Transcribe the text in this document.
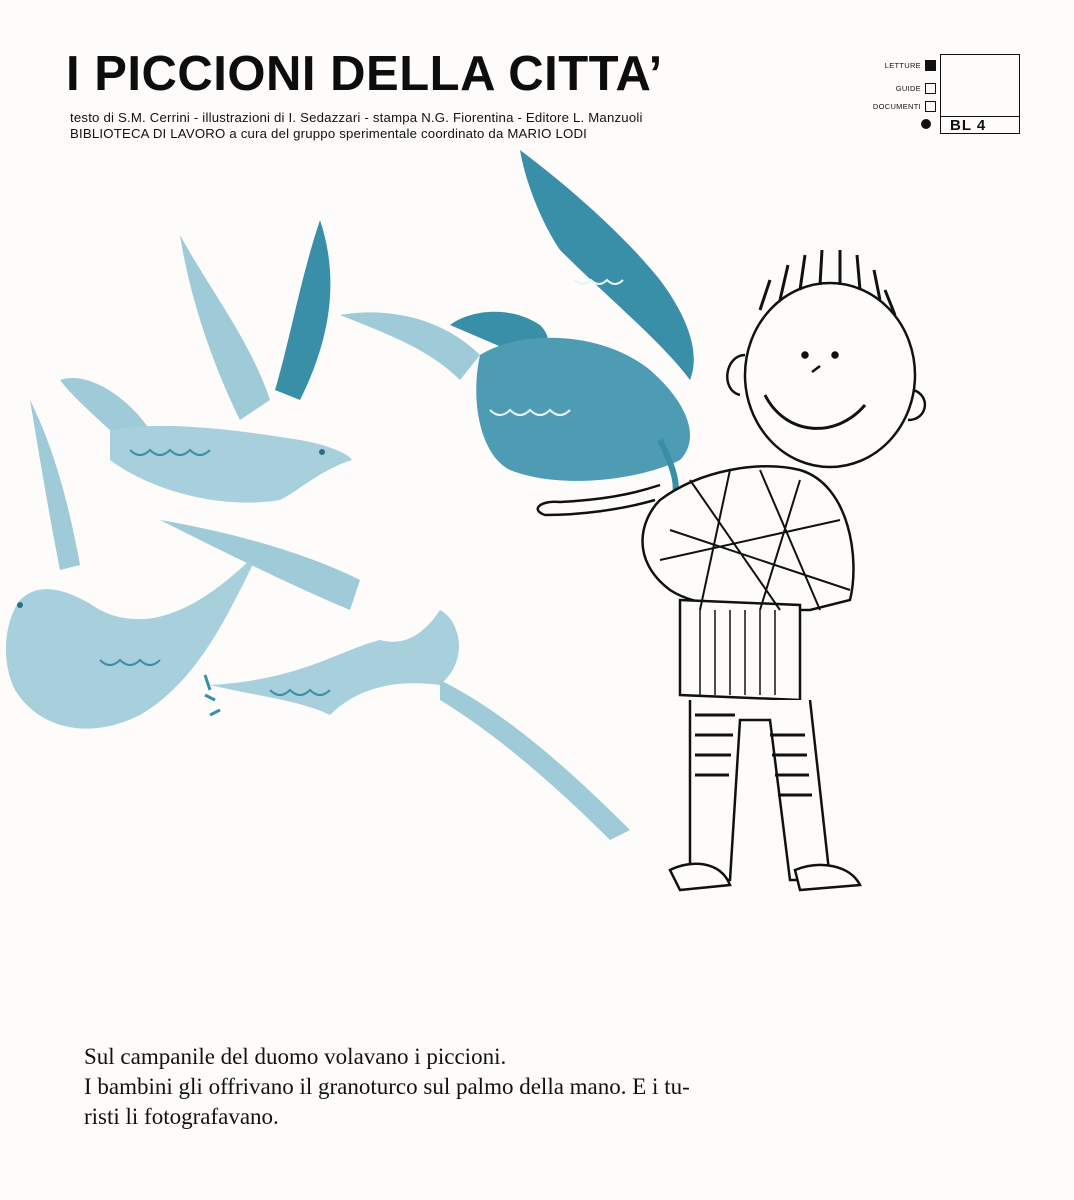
I PICCIONI DELLA CITTA’
testo di S.M. Cerrini - illustrazioni di I. Sedazzari - stampa N.G. Fiorentina - Editore L. Manzuoli
BIBLIOTECA DI LAVORO a cura del gruppo sperimentale coordinato da MARIO LODI
LETTURE
GUIDE
DOCUMENTI
BL 4

Sul campanile del duomo volavano i piccioni.

I bambini gli offrivano il granoturco sul palmo della mano. E i tu-

risti li fotografavano.
